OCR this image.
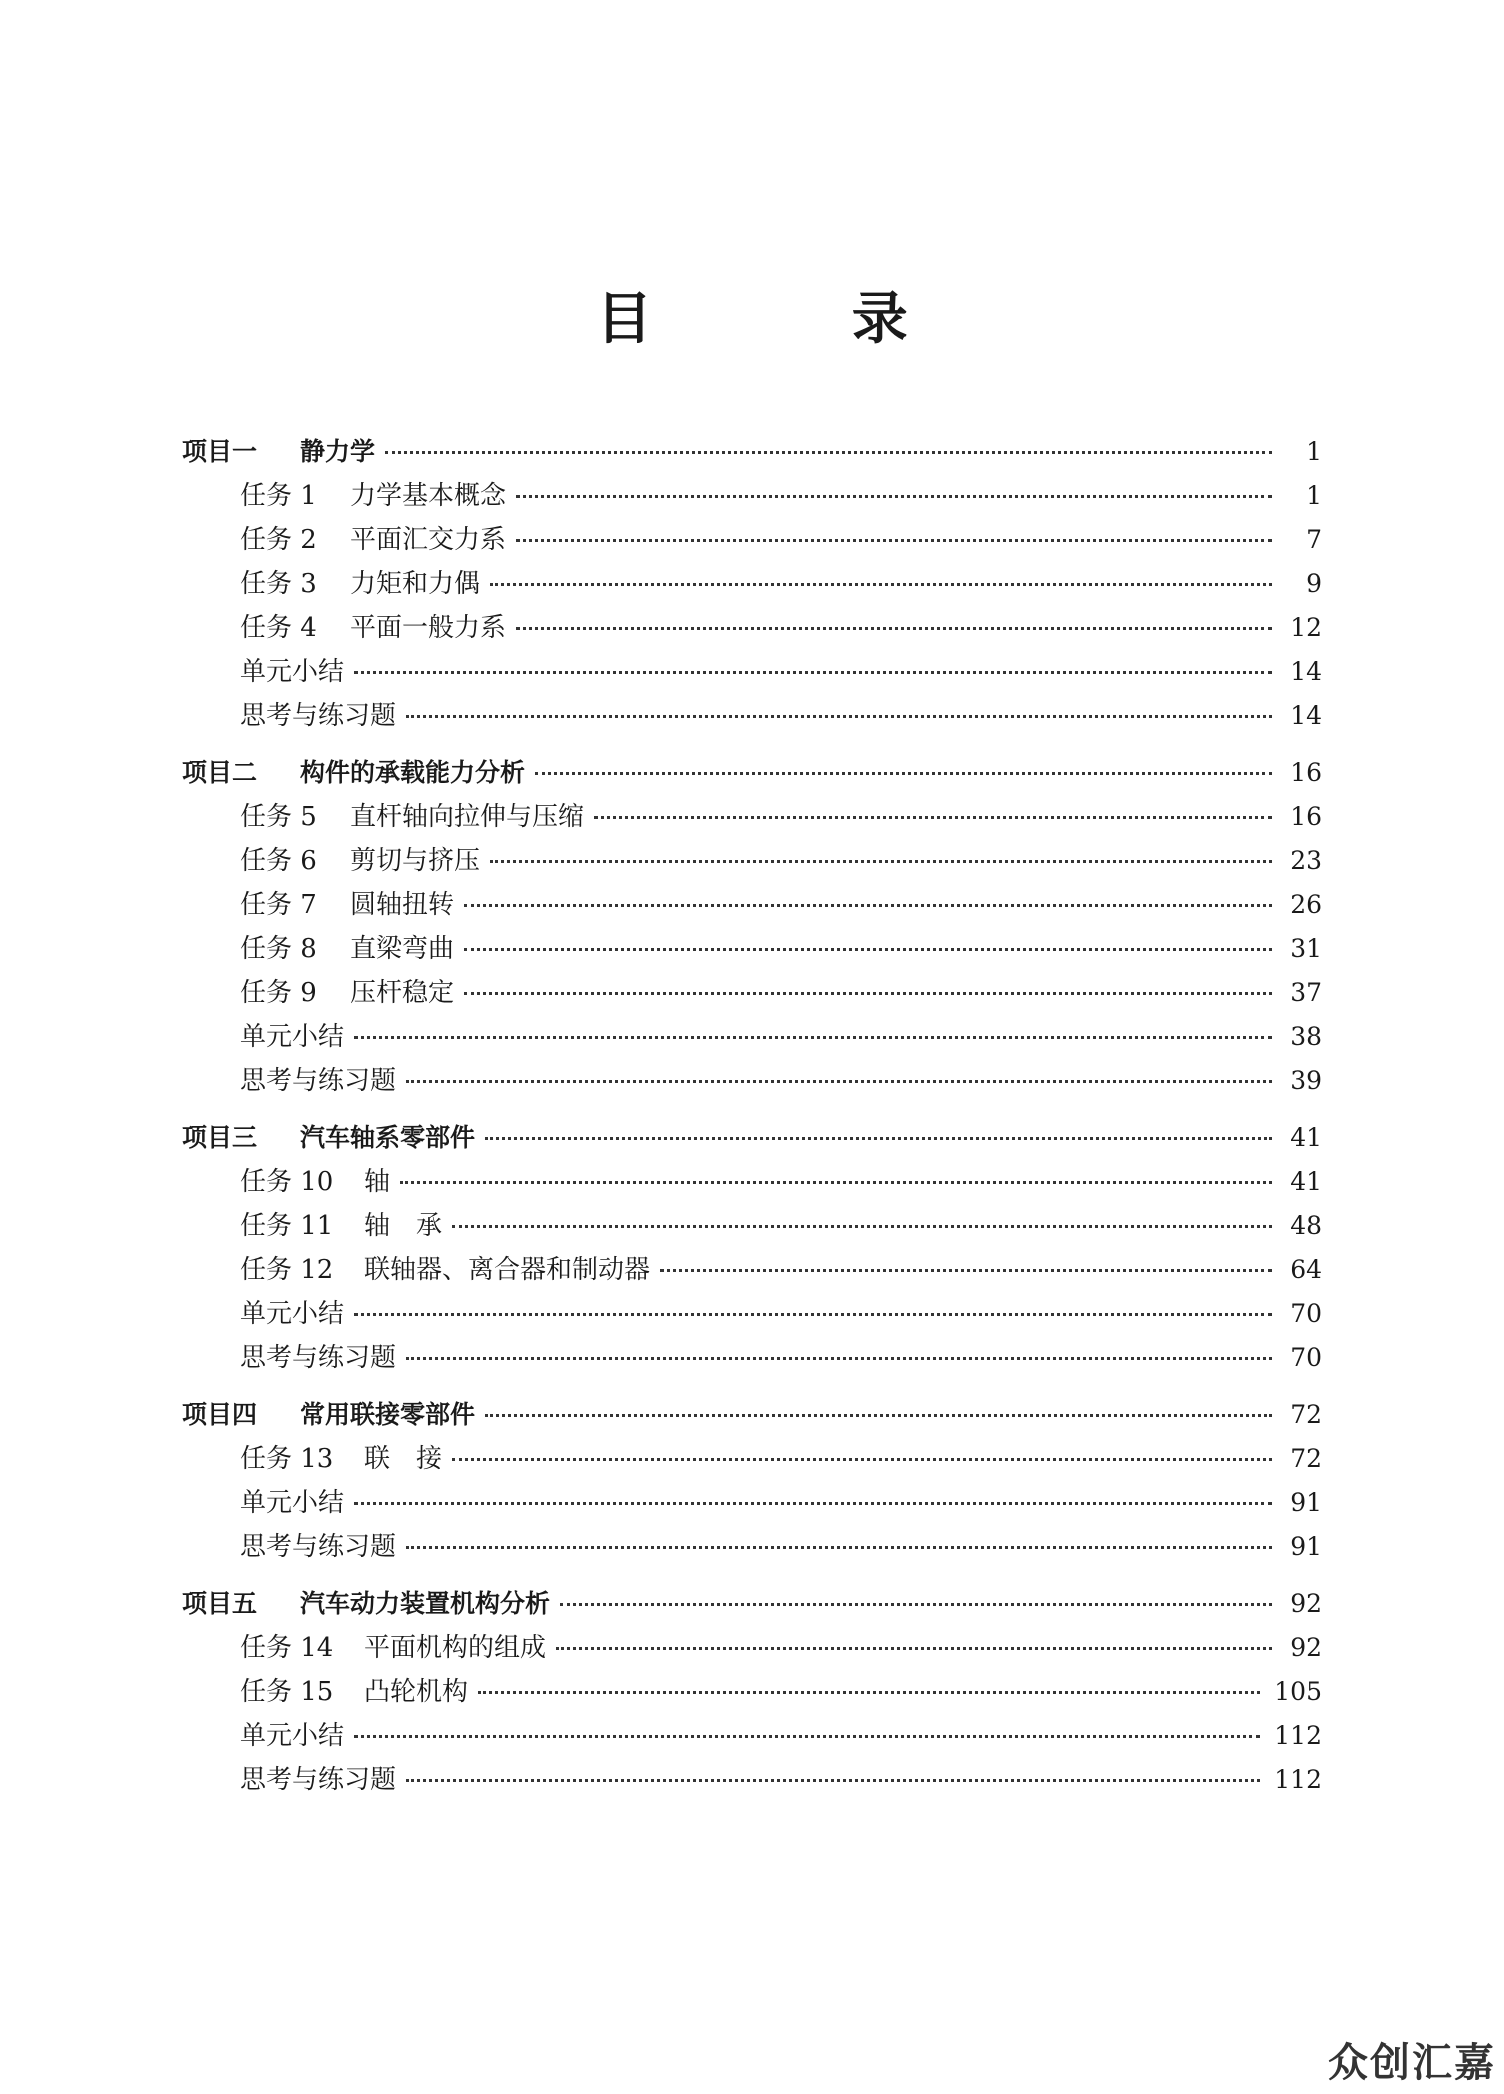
目 录
项目一	静力学	1
任务 1	力学基本概念	1
任务 2	平面汇交力系	7
任务 3	力矩和力偶	9
任务 4	平面一般力系	12
单元小结	14
思考与练习题	14
项目二	构件的承载能力分析	16
任务 5	直杆轴向拉伸与压缩	16
任务 6	剪切与挤压	23
任务 7	圆轴扭转	26
任务 8	直梁弯曲	31
任务 9	压杆稳定	37
单元小结	38
思考与练习题	39
项目三	汽车轴系零部件	41
任务 10	轴	41
任务 11	轴　承	48
任务 12	联轴器、离合器和制动器	64
单元小结	70
思考与练习题	70
项目四	常用联接零部件	72
任务 13	联　接	72
单元小结	91
思考与练习题	91
项目五	汽车动力装置机构分析	92
任务 14	平面机构的组成	92
任务 15	凸轮机构	105
单元小结	112
思考与练习题	112
众创汇嘉
